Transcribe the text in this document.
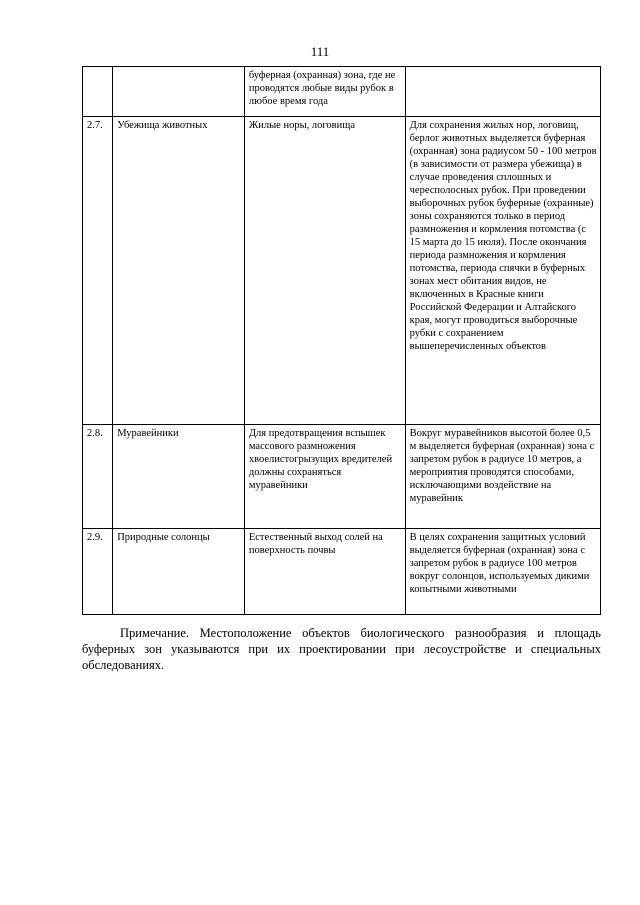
111
		буферная (охранная) зона, где не проводятся любые виды рубок в любое время года	
2.7.	Убежища животных	Жилые норы, логовища	Для сохранения жилых нор, логовищ, берлог животных выделяется буферная (охранная) зона радиусом 50 - 100 метров (в зависимости от размера убежища) в случае проведения сплошных и чересполосных рубок. При проведении выборочных рубок буферные (охранные) зоны сохраняются только в период размножения и кормления потомства (с 15 марта до 15 июля). После окончания периода размножения и кормления потомства, периода спячки в буферных зонах мест обитания видов, не включенных в Красные книги Российской Федерации и Алтайского края, могут проводиться выборочные рубки с сохранением вышеперечисленных объектов
2.8.	Муравейники	Для предотвращения вспышек массового размножения хвоелистогрызущих вредителей должны сохраняться муравейники	Вокруг муравейников высотой более 0,5 м выделяется буферная (охранная) зона с запретом рубок в радиусе 10 метров, а мероприятия проводятся способами, исключающими воздействие на муравейник
2.9.	Природные солонцы	Естественный выход солей на поверхность почвы	В целях сохранения защитных условий выделяется буферная (охранная) зона с запретом рубок в радиусе 100 метров вокруг солонцов, используемых дикими копытными животными
Примечание. Местоположение объектов биологического разнообразия и площадь буферных зон указываются при их проектировании при лесоустройстве и специальных обследованиях.
